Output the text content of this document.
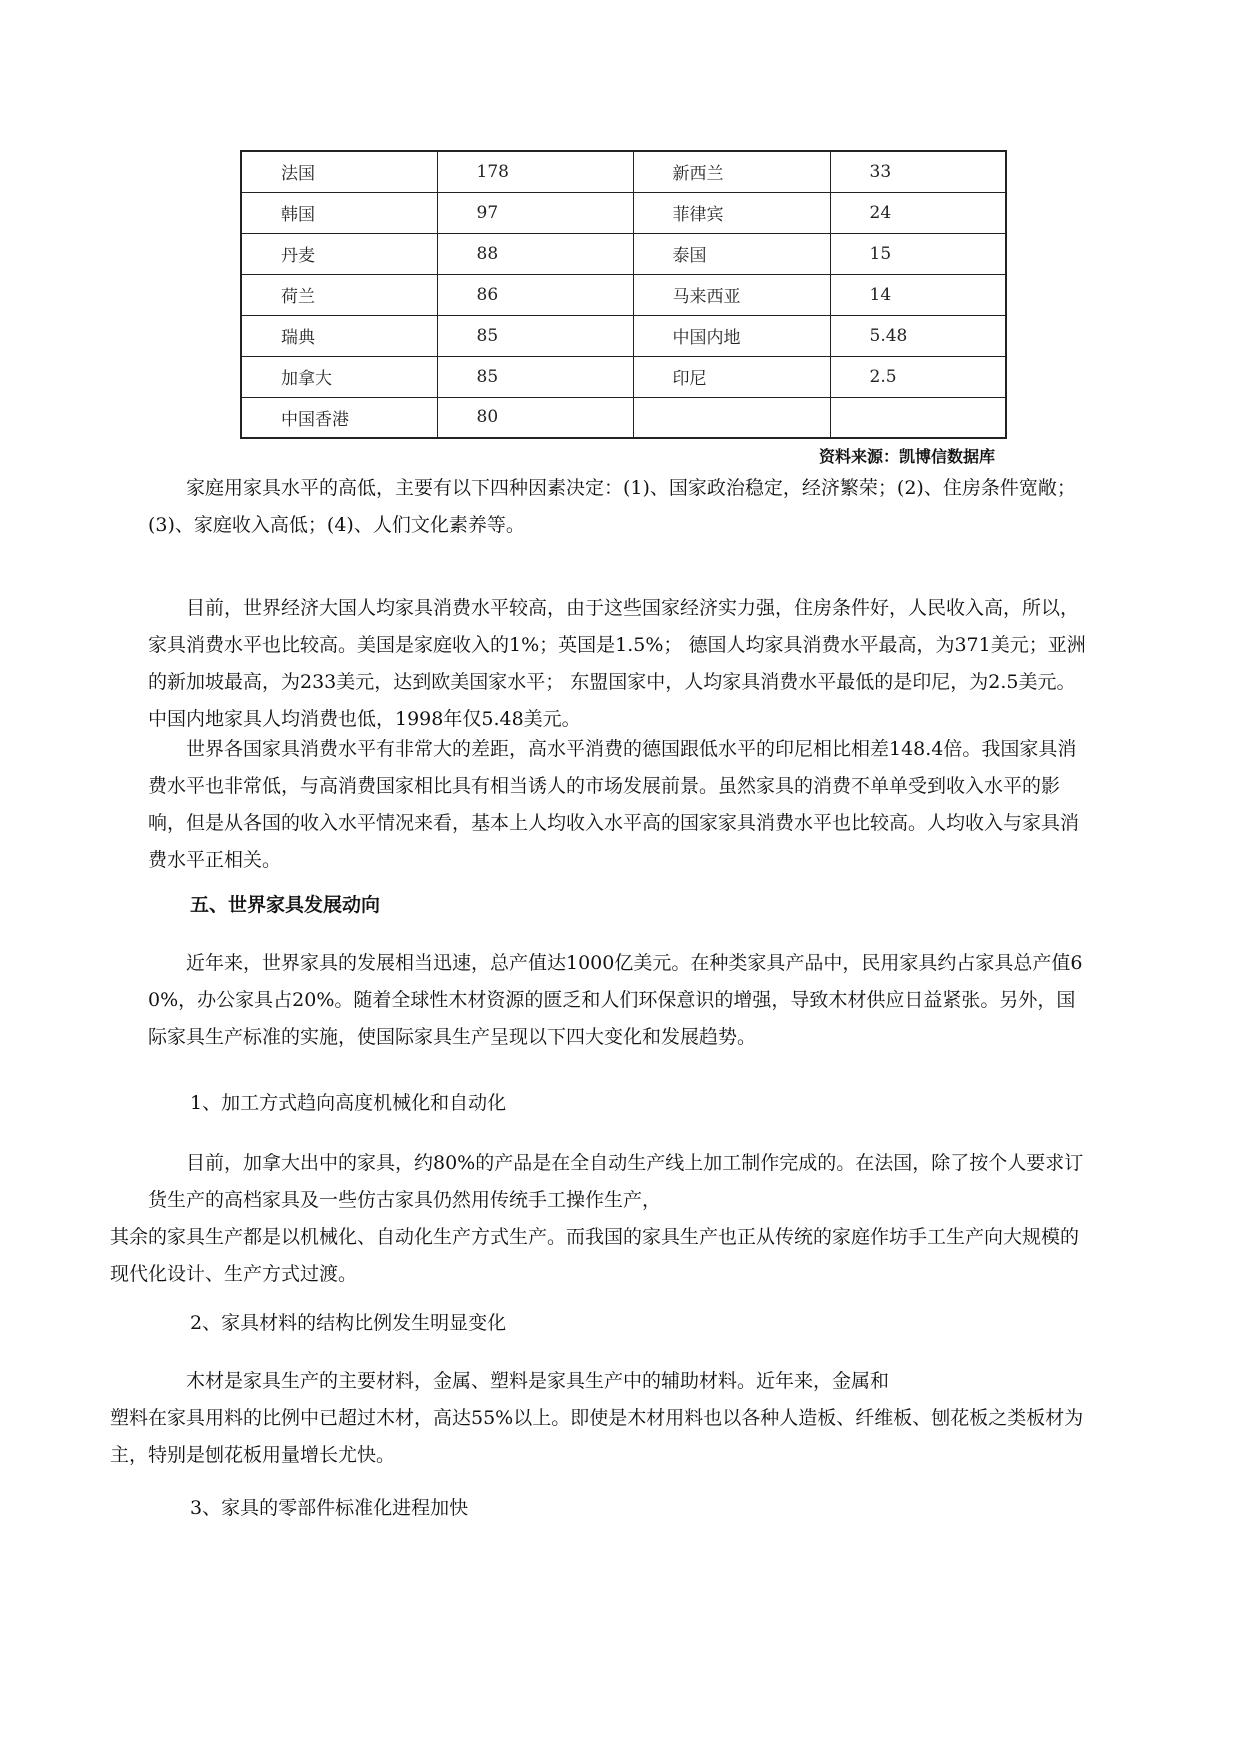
法国	178	新西兰	33
韩国	97	菲律宾	24
丹麦	88	泰国	15
荷兰	86	马来西亚	14
瑞典	85	中国内地	5.48
加拿大	85	印尼	2.5
中国香港	80		
资料来源：凯博信数据库

家庭用家具水平的高低，主要有以下四种因素决定：(1)、国家政治稳定，经济繁荣；(2)、住房条件宽敞；(3)、家庭收入高低；(4)、人们文化素养等。

目前，世界经济大国人均家具消费水平较高，由于这些国家经济实力强，住房条件好，人民收入高，所以，家具消费水平也比较高。美国是家庭收入的1%；英国是1.5%； 德国人均家具消费水平最高，为371美元；亚洲的新加坡最高，为233美元，达到欧美国家水平； 东盟国家中，人均家具消费水平最低的是印尼，为2.5美元。中国内地家具人均消费也低，1998年仅5.48美元。

世界各国家具消费水平有非常大的差距，高水平消费的德国跟低水平的印尼相比相差148.4倍。我国家具消费水平也非常低，与高消费国家相比具有相当诱人的市场发展前景。虽然家具的消费不单单受到收入水平的影响，但是从各国的收入水平情况来看，基本上人均收入水平高的国家家具消费水平也比较高。人均收入与家具消费水平正相关。

五、世界家具发展动向

近年来，世界家具的发展相当迅速，总产值达1000亿美元。在种类家具产品中，民用家具约占家具总产值60%，办公家具占20%。随着全球性木材资源的匮乏和人们环保意识的增强，导致木材供应日益紧张。另外，国际家具生产标准的实施，使国际家具生产呈现以下四大变化和发展趋势。

1、加工方式趋向高度机械化和自动化

目前，加拿大出中的家具，约80%的产品是在全自动生产线上加工制作完成的。在法国，除了按个人要求订货生产的高档家具及一些仿古家具仍然用传统手工操作生产，
其余的家具生产都是以机械化、自动化生产方式生产。而我国的家具生产也正从传统的家庭作坊手工生产向大规模的现代化设计、生产方式过渡。

2、家具材料的结构比例发生明显变化

木材是家具生产的主要材料，金属、塑料是家具生产中的辅助材料。近年来，金属和
塑料在家具用料的比例中已超过木材，高达55%以上。即使是木材用料也以各种人造板、纤维板、刨花板之类板材为主，特别是刨花板用量增长尤快。

3、家具的零部件标准化进程加快
